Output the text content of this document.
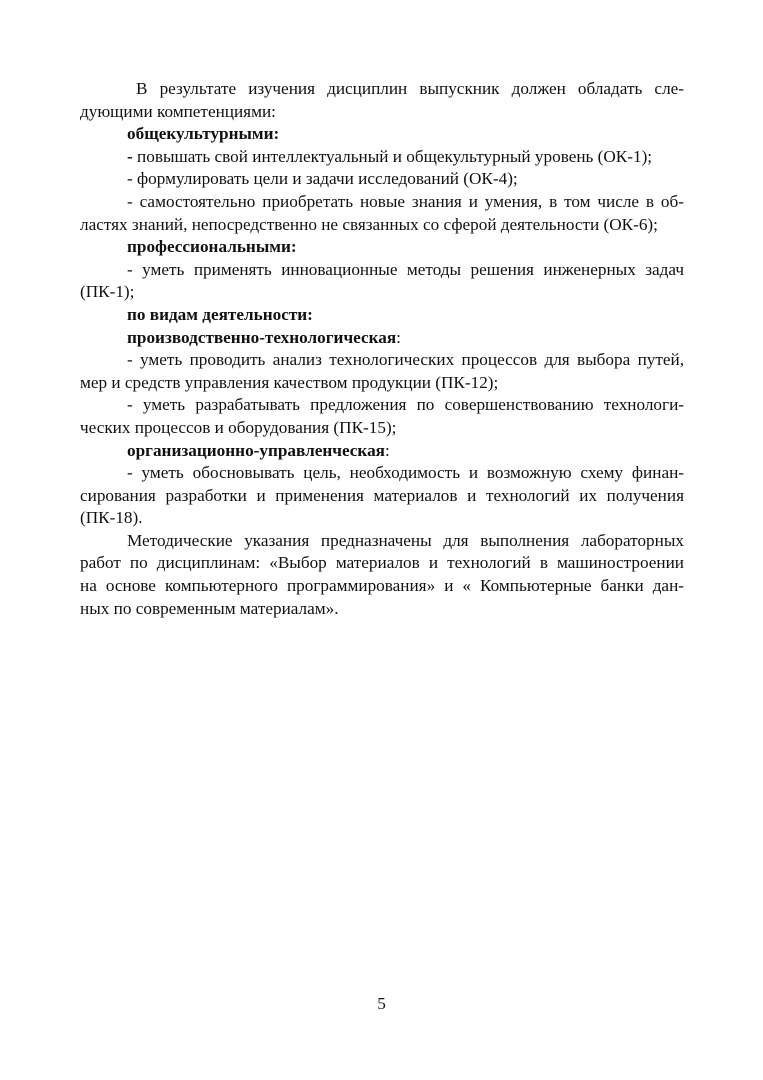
В результате изучения дисциплин выпускник должен обладать сле-
дующими компетенциями:
общекультурными:
- повышать свой интеллектуальный и общекультурный уровень (ОК-1);
- формулировать цели и задачи исследований (ОК-4);
- самостоятельно приобретать новые знания и умения, в том числе в об-
ластях знаний, непосредственно не связанных со сферой деятельности (ОК-6);
профессиональными:
- уметь применять инновационные методы решения инженерных задач
(ПК-1);
по видам деятельности:
производственно-технологическая:
- уметь проводить анализ технологических процессов для выбора путей,
мер и средств управления качеством продукции (ПК-12);
- уметь разрабатывать предложения по совершенствованию технологи-
ческих процессов и оборудования (ПК-15);
организационно-управленческая:
- уметь обосновывать цель, необходимость и возможную схему финан-
сирования разработки и применения материалов и технологий их получения
(ПК-18).
Методические указания предназначены для выполнения лабораторных
работ по дисциплинам: «Выбор материалов и технологий в машиностроении
на основе компьютерного программирования» и « Компьютерные банки дан-
ных по современным материалам».
5
